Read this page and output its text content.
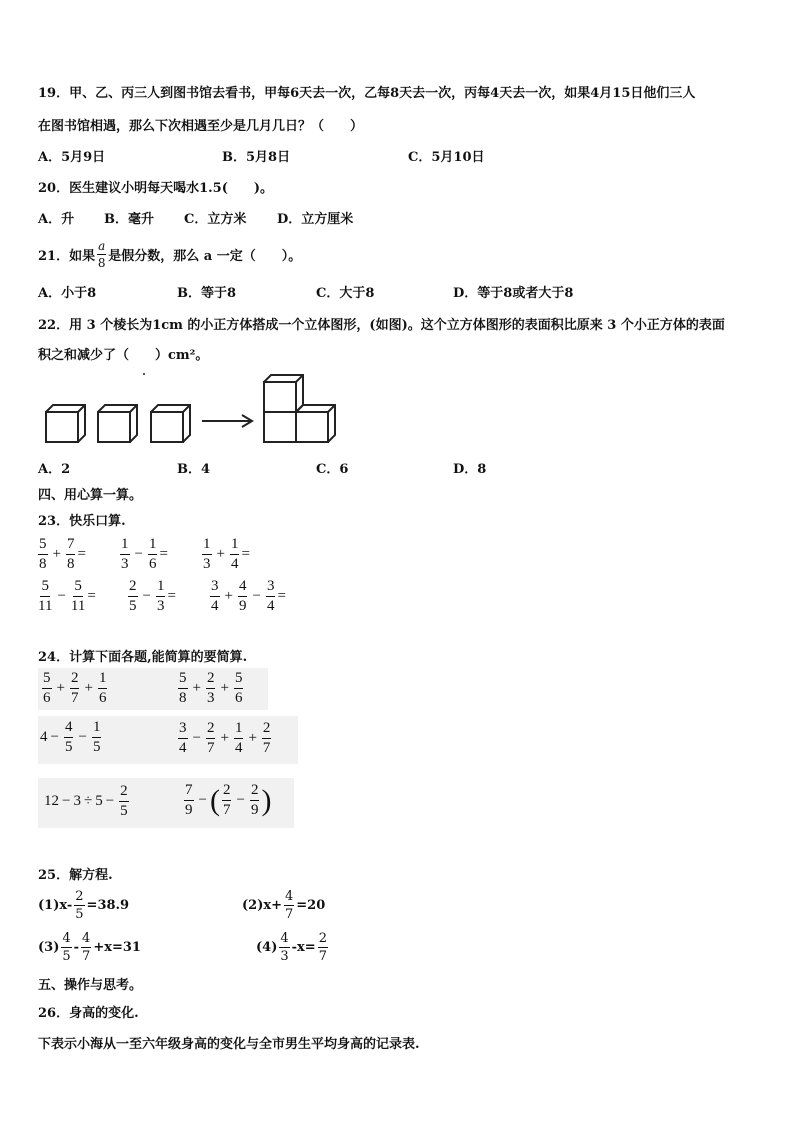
19．甲、乙、丙三人到图书馆去看书，甲每6天去一次，乙每8天去一次，丙每4天去一次，如果4月15日他们三人
在图书馆相遇，那么下次相遇至少是几月几日？（　　）
A．5月9日	B．5月8日	C．5月10日
20．医生建议小明每天喝水1.5(　　)。
A．升 B．毫升 C．立方米 D．立方厘米
21．如果 $\frac{a}{8}$ 是假分数，那么 a 一定（　　）。
A．小于8	B．等于8	C．大于8	D．等于8或者大于8
22．用 3 个棱长为1cm 的小正方体搭成一个立体图形，(如图)。这个立方体图形的表面积比原来 3 个小正方体的表面
积之和减少了（　　）cm²。
A．2	B．4	C．6	D．8
四、用心算一算。
23．快乐口算.
$\frac{5}{8} + \frac{7}{8} = \frac{1}{3} - \frac{1}{6} = \frac{1}{3} + \frac{1}{4}$ =
$\frac{5}{11} - \frac{5}{11} = \frac{2}{5} - \frac{1}{3} = \frac{3}{4} + \frac{4}{9} - \frac{3}{4}$ =
24．计算下面各题,能简算的要简算.
$\frac{5}{6} + \frac{2}{7} + \frac{1}{6}$	$\frac{5}{8} + \frac{2}{3} + \frac{5}{6}$
$4 - \frac{4}{5} - \frac{1}{5}$	$\frac{3}{4} - \frac{2}{7} + \frac{1}{4} + \frac{2}{7}$
$12 - 3 \div 5 - \frac{2}{5}$	$\frac{7}{9}$ − ( $\frac{2}{7} - \frac{2}{9}$ )
25．解方程.
$(1)x- \frac{2}{5} =38.9$	$(2)x+ \frac{4}{7} =20$
$(3) \frac{4}{5} - \frac{4}{7} +x=31$	$(4) \frac{4}{3} -x= \frac{2}{7}$
五、操作与思考。
26．身高的变化.
下表示小海从一至六年级身高的变化与全市男生平均身高的记录表.
